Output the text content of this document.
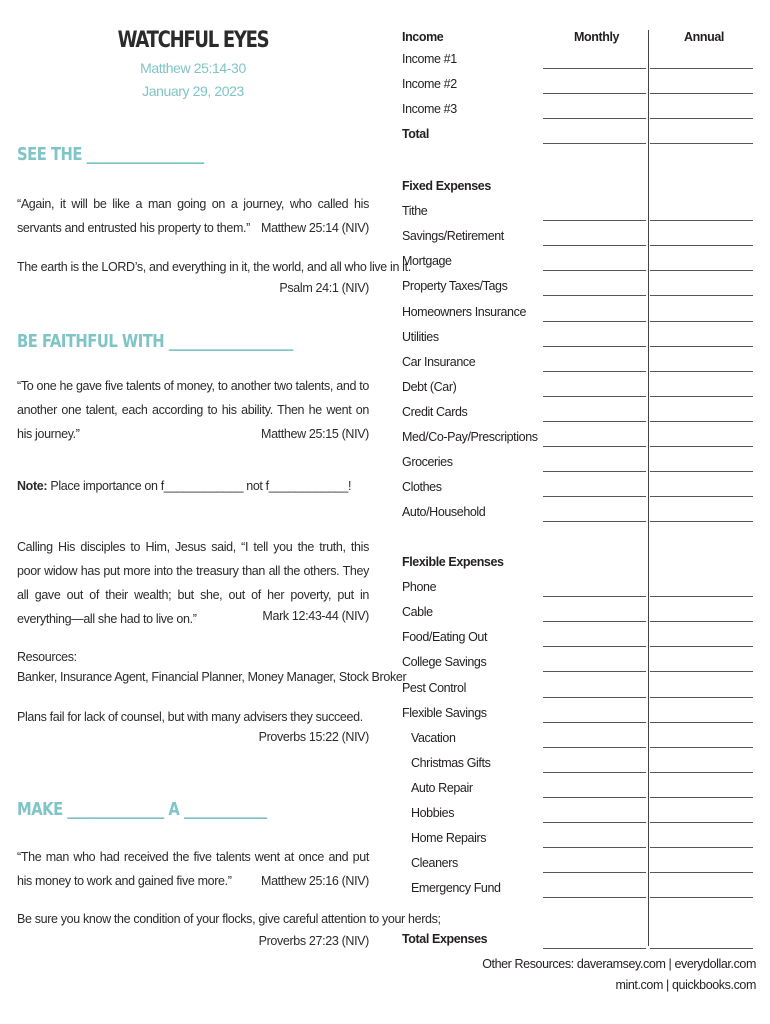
WATCHFUL EYES
Matthew 25:14-30
January 29, 2023
SEE THE _________________
“Again, it will be like a man going on a journey, who called his servants and entrusted his property to them.” Matthew 25:14 (NIV)
The earth is the LORD’s, and everything in it, the world, and all who live in it.
Psalm 24:1 (NIV)
BE FAITHFUL WITH __________________
“To one he gave five talents of money, to another two talents, and to another one talent, each according to his ability. Then he went on his journey.”	Matthew 25:15 (NIV)
Note: Place importance on f____________ not f____________!
Calling His disciples to Him, Jesus said, “I tell you the truth, this poor widow has put more into the treasury than all the others. They all gave out of their wealth; but she, out of her poverty, put in everything—all she had to live on.”	Mark 12:43-44 (NIV)
Resources:
Banker, Insurance Agent, Financial Planner, Money Manager, Stock Broker
Plans fail for lack of counsel, but with many advisers they succeed.
Proverbs 15:22 (NIV)
MAKE ______________ A ____________
“The man who had received the five talents went at once and put his money to work and gained five more.” Matthew 25:16 (NIV)
Be sure you know the condition of your flocks, give careful attention to your herds;
Proverbs 27:23 (NIV)
Income	Monthly	Annual
Income #1
Income #2
Income #3
Total
Fixed Expenses
Tithe
Savings/Retirement
Mortgage
Property Taxes/Tags
Homeowners Insurance
Utilities
Car Insurance
Debt (Car)
Credit Cards
Med/Co-Pay/Prescriptions
Groceries
Clothes
Auto/Household
Flexible Expenses
Phone
Cable
Food/Eating Out
College Savings
Pest Control
Flexible Savings
Vacation
Christmas Gifts
Auto Repair
Hobbies
Home Repairs
Cleaners
Emergency Fund
Total Expenses
Other Resources: daveramsey.com | everydollar.com
mint.com | quickbooks.com
